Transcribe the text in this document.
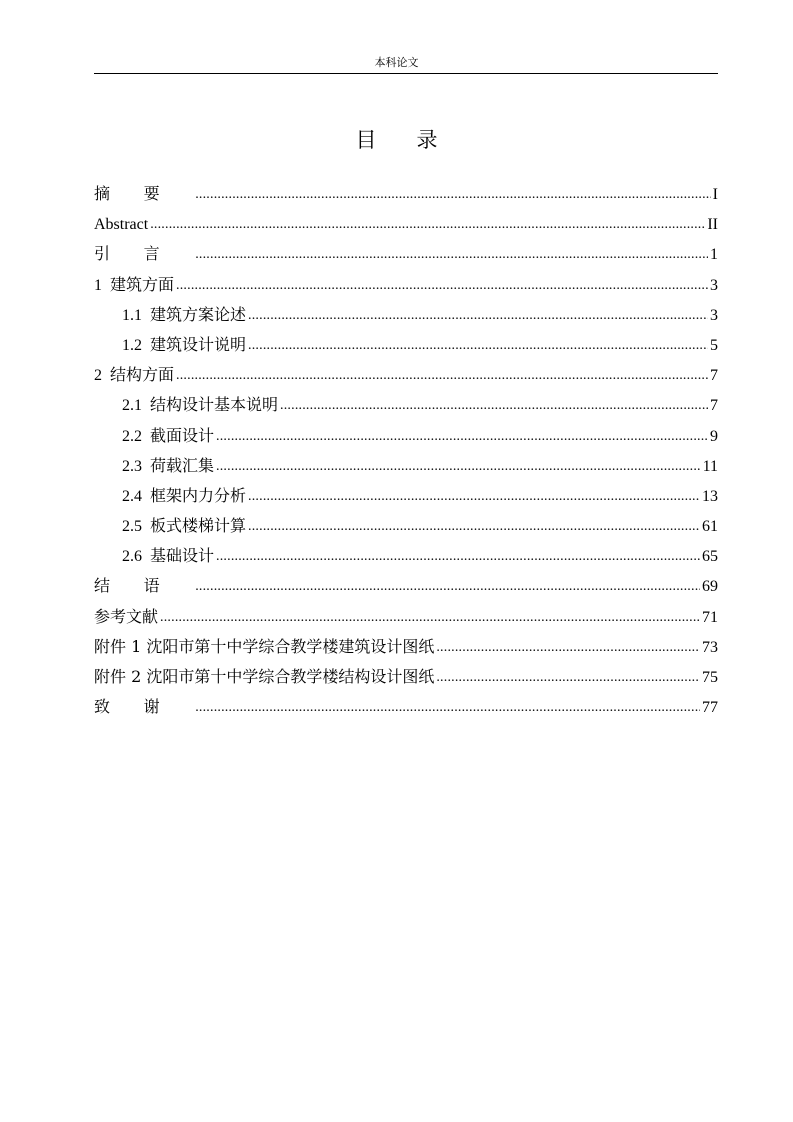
本科论文
目录
摘要 .....	I
Abstract .....	II
引言 .....	1
1 建筑方面 .....	3
1.1 建筑方案论述 .....	3
1.2 建筑设计说明 .....	5
2 结构方面 .....	7
2.1 结构设计基本说明 .....	7
2.2 截面设计 .....	9
2.3 荷载汇集 .....	11
2.4 框架内力分析 .....	13
2.5 板式楼梯计算 .....	61
2.6 基础设计 .....	65
结语 .....	69
参考文献 .....	71
附件 1 沈阳市第十中学综合教学楼建筑设计图纸 .....	73
附件 2 沈阳市第十中学综合教学楼结构设计图纸 .....	75
致谢 .....	77
